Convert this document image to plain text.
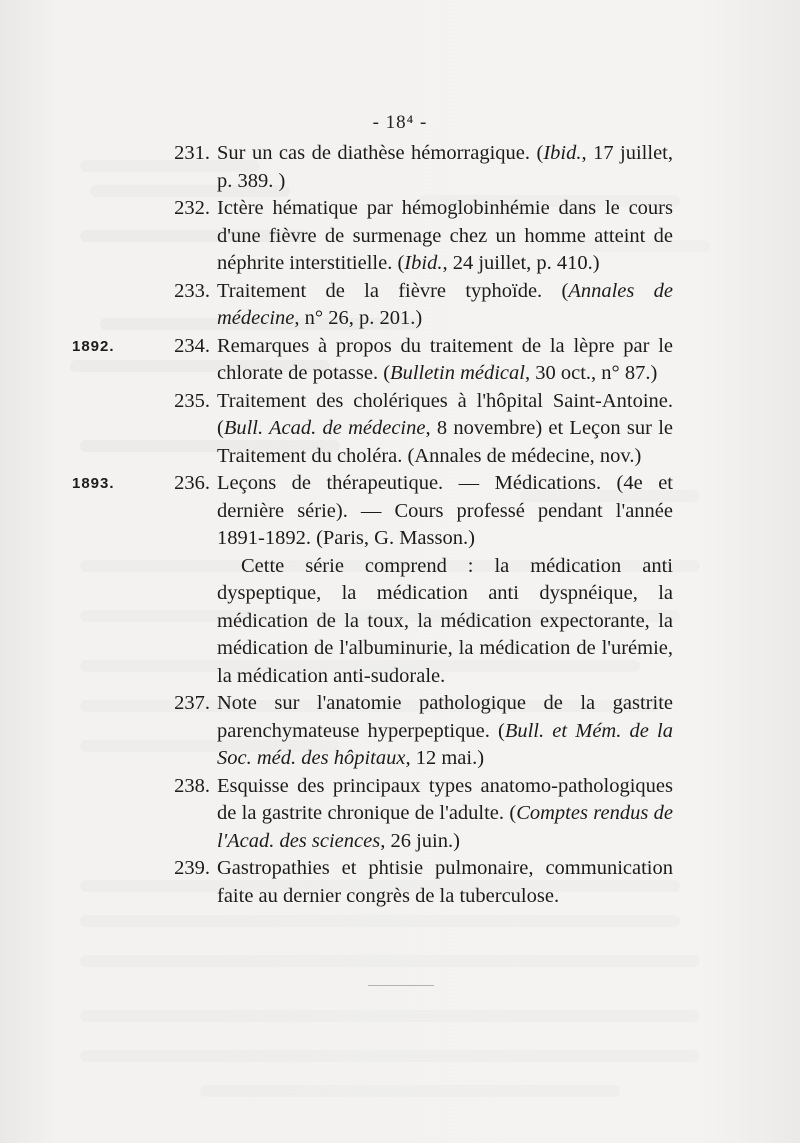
- 18⁴ -
231. Sur un cas de diathèse hémorragique. (Ibid., 17 juillet, p. 389. )

232. Ictère hématique par hémoglobinhémie dans le cours d'une fièvre de surmenage chez un homme atteint de néphrite interstitielle. (Ibid., 24 juillet, p. 410.)

233. Traitement de la fièvre typhoïde. (Annales de médecine, n° 26, p. 201.)

1892.	234. Remarques à propos du traitement de la lèpre par le chlorate de potasse. (Bulletin médical, 30 oct., n° 87.)

235. Traitement des cholériques à l'hôpital Saint-Antoine. (Bull. Acad. de médecine, 8 novembre) et Leçon sur le Traitement du choléra. (Annales de médecine, nov.)

1893.	236. Leçons de thérapeutique. — Médications. (4e et dernière série). — Cours professé pendant l'année 1891-1892. (Paris, G. Masson.)

Cette série comprend : la médication anti dyspeptique, la médication anti dyspnéique, la médication de la toux, la médication expectorante, la médication de l'albuminurie, la médication de l'urémie, la médication anti-sudorale.

237. Note sur l'anatomie pathologique de la gastrite parenchymateuse hyperpeptique. (Bull. et Mém. de la Soc. méd. des hôpitaux, 12 mai.)

238. Esquisse des principaux types anatomo-pathologiques de la gastrite chronique de l'adulte. (Comptes rendus de l'Acad. des sciences, 26 juin.)

239. Gastropathies et phtisie pulmonaire, communication faite au dernier congrès de la tuberculose.
